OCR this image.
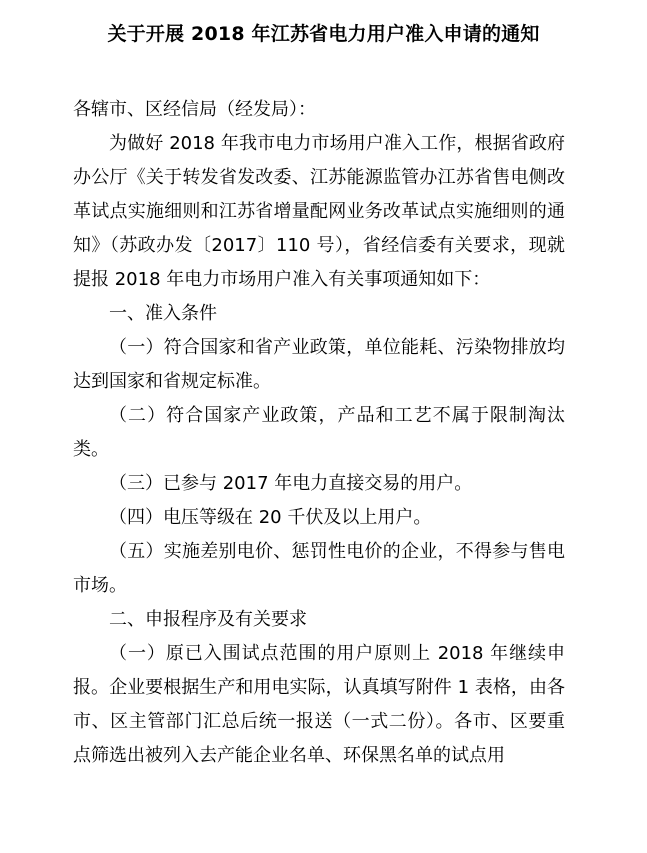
关于开展 2018 年江苏省电力用户准入申请的通知

各辖市、区经信局（经发局）：

为做好 2018 年我市电力市场用户准入工作，根据省政府办公厅《关于转发省发改委、江苏能源监管办江苏省售电侧改革试点实施细则和江苏省增量配网业务改革试点实施细则的通知》（苏政办发〔2017〕110 号），省经信委有关要求，现就提报 2018 年电力市场用户准入有关事项通知如下：

一、准入条件

（一）符合国家和省产业政策，单位能耗、污染物排放均达到国家和省规定标准。

（二）符合国家产业政策，产品和工艺不属于限制淘汰类。

（三）已参与 2017 年电力直接交易的用户。

（四）电压等级在 20 千伏及以上用户。

（五）实施差别电价、惩罚性电价的企业，不得参与售电市场。

二、申报程序及有关要求

（一）原已入围试点范围的用户原则上 2018 年继续申报。企业要根据生产和用电实际，认真填写附件 1 表格，由各市、区主管部门汇总后统一报送（一式二份）。各市、区要重点筛选出被列入去产能企业名单、环保黑名单的试点用
